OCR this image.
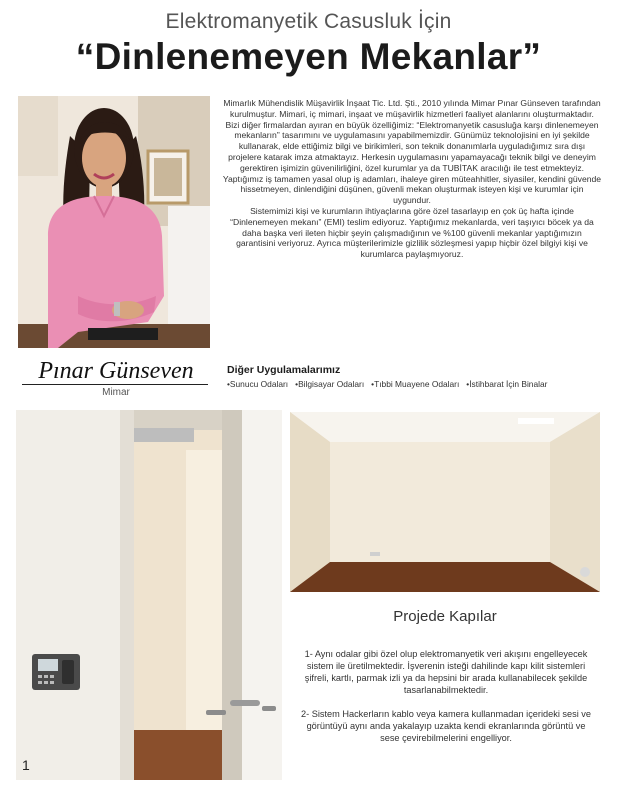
Elektromanyetik Casusluk İçin
“Dinlenemeyen Mekanlar”

Mimarlık Mühendislik Müşavirlik İnşaat Tic. Ltd. Şti., 2010 yılında Mimar Pınar Günseven tarafından kurulmuştur. Mimari, iç mimari, inşaat ve müşavirlik hizmetleri faaliyet alanlarını oluşturmaktadır.

Bizi diğer firmalardan ayıran en büyük özelliğimiz: “Elektromanyetik casusluğa karşı dinlenemeyen mekanların” tasarımını ve uygulamasını yapabilmemizdir. Günümüz teknolojisini en iyi şekilde kullanarak, elde ettiğimiz bilgi ve birikimleri, son teknik donanımlarla uyguladığımız sıra dışı projelere katarak imza atmaktayız. Herkesin uygulamasını yapamayacağı teknik bilgi ve deneyim gerektiren işimizin güvenilirliğini, özel kurumlar ya da TUBİTAK aracılığı ile test etmekteyiz.

Yaptığımız iş tamamen yasal olup iş adamları, ihaleye giren müteahhitler, siyasiler, kendini güvende hissetmeyen, dinlendiğini düşünen, güvenli mekan oluşturmak isteyen kişi ve kurumlar için uygundur.

Sistemimizi kişi ve kurumların ihtiyaçlarına göre özel tasarlayıp en çok üç hafta içinde “Dinlenemeyen mekanı” (EMI) teslim ediyoruz. Yaptığımız mekanlarda, veri taşıyıcı böcek ya da daha başka veri ileten hiçbir şeyin çalışmadığının ve %100 güvenli mekanlar yaptığımızın garantisini veriyoruz. Ayrıca müşterilerimizle gizlilik sözleşmesi yapıp hiçbir özel bilgiyi kişi ve kurumlarca paylaşmıyoruz.

Pınar Günseven
Mimar
Diğer Uygulamalarımız
•Sunucu Odaları •Bilgisayar Odaları •Tıbbi Muayene Odaları •İstihbarat İçin Binalar
Projede Kapılar

1- Aynı odalar gibi özel olup elektromanyetik veri akışını engelleyecek sistem ile üretilmektedir. İşverenin isteği dahilinde kapı kilit sistemleri şifreli, kartlı, parmak izli ya da hepsini bir arada kullanabilecek şekilde tasarlanabilmektedir.

2- Sistem Hackerların kablo veya kamera kullanmadan içerideki sesi ve görüntüyü aynı anda yakalayıp uzakta kendi ekranlarında görüntü ve sese çevirebilmelerini engelliyor.

1
